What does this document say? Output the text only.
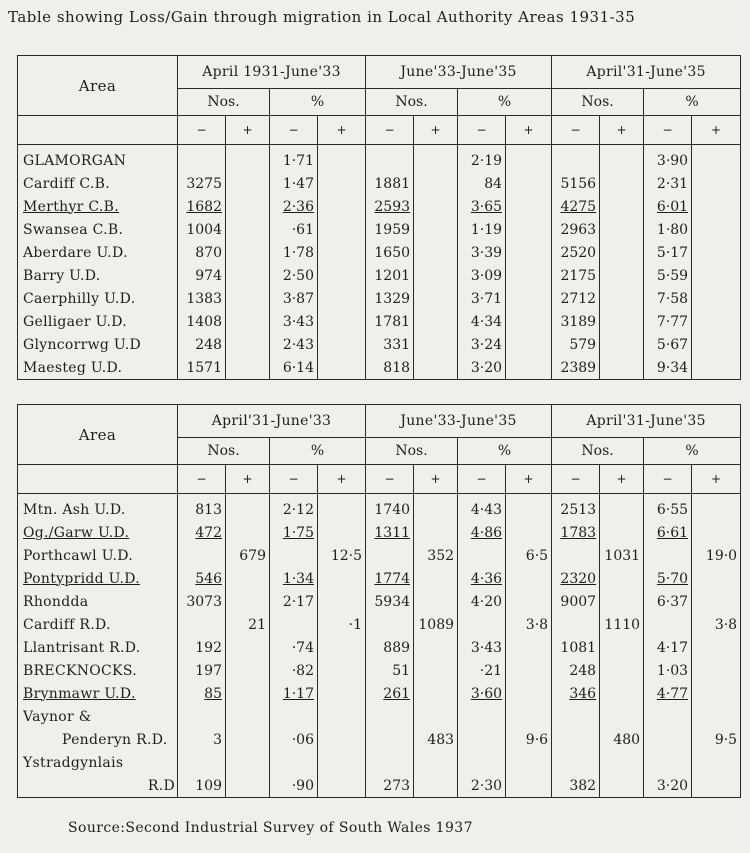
Table showing Loss/Gain through migration in Local Authority Areas 1931-35
Area	April 1931-June'33				June'33-June'35				April'31-June'35			
	Nos.		%		Nos.		%		Nos.		%	
	−	+	−	+	−	+	−	+	−	+	−	+
GLAMORGAN			1·71				2·19				3·90	
Cardiff C.B.	3275		1·47		1881		84		5156		2·31	
Merthyr C.B.	1682		2·36		2593		3·65		4275		6·01	
Swansea C.B.	1004		·61		1959		1·19		2963		1·80	
Aberdare U.D.	870		1·78		1650		3·39		2520		5·17	
Barry U.D.	974		2·50		1201		3·09		2175		5·59	
Caerphilly U.D.	1383		3·87		1329		3·71		2712		7·58	
Gelligaer U.D.	1408		3·43		1781		4·34		3189		7·77	
Glyncorrwg U.D	248		2·43		331		3·24		579		5·67	
Maesteg U.D.	1571		6·14		818		3·20		2389		9·34	
Area	April'31-June'33				June'33-June'35				April'31-June'35			
	Nos.		%		Nos.		%		Nos.		%	
	−	+	−	+	−	+	−	+	−	+	−	+
Mtn. Ash U.D.	813		2·12		1740		4·43		2513		6·55	
Og./Garw U.D.	472		1·75		1311		4·86		1783		6·61	
Porthcawl U.D.		679		12·5		352		6·5		1031		19·0
Pontypridd U.D.	546		1·34		1774		4·36		2320		5·70	
Rhondda	3073		2·17		5934		4·20		9007		6·37	
Cardiff R.D.		21		·1		1089		3·8		1110		3·8
Llantrisant R.D.	192		·74		889		3·43		1081		4·17	
BRECKNOCKS.	197		·82		51		·21		248		1·03	
Brynmawr U.D.	85		1·17		261		3·60		346		4·77	
Vaynor &												
Penderyn R.D.	3		·06			483		9·6		480		9·5
Ystradgynlais												
R.D	109		·90		273		2·30		382		3·20	
Source:Second Industrial Survey of South Wales 1937
